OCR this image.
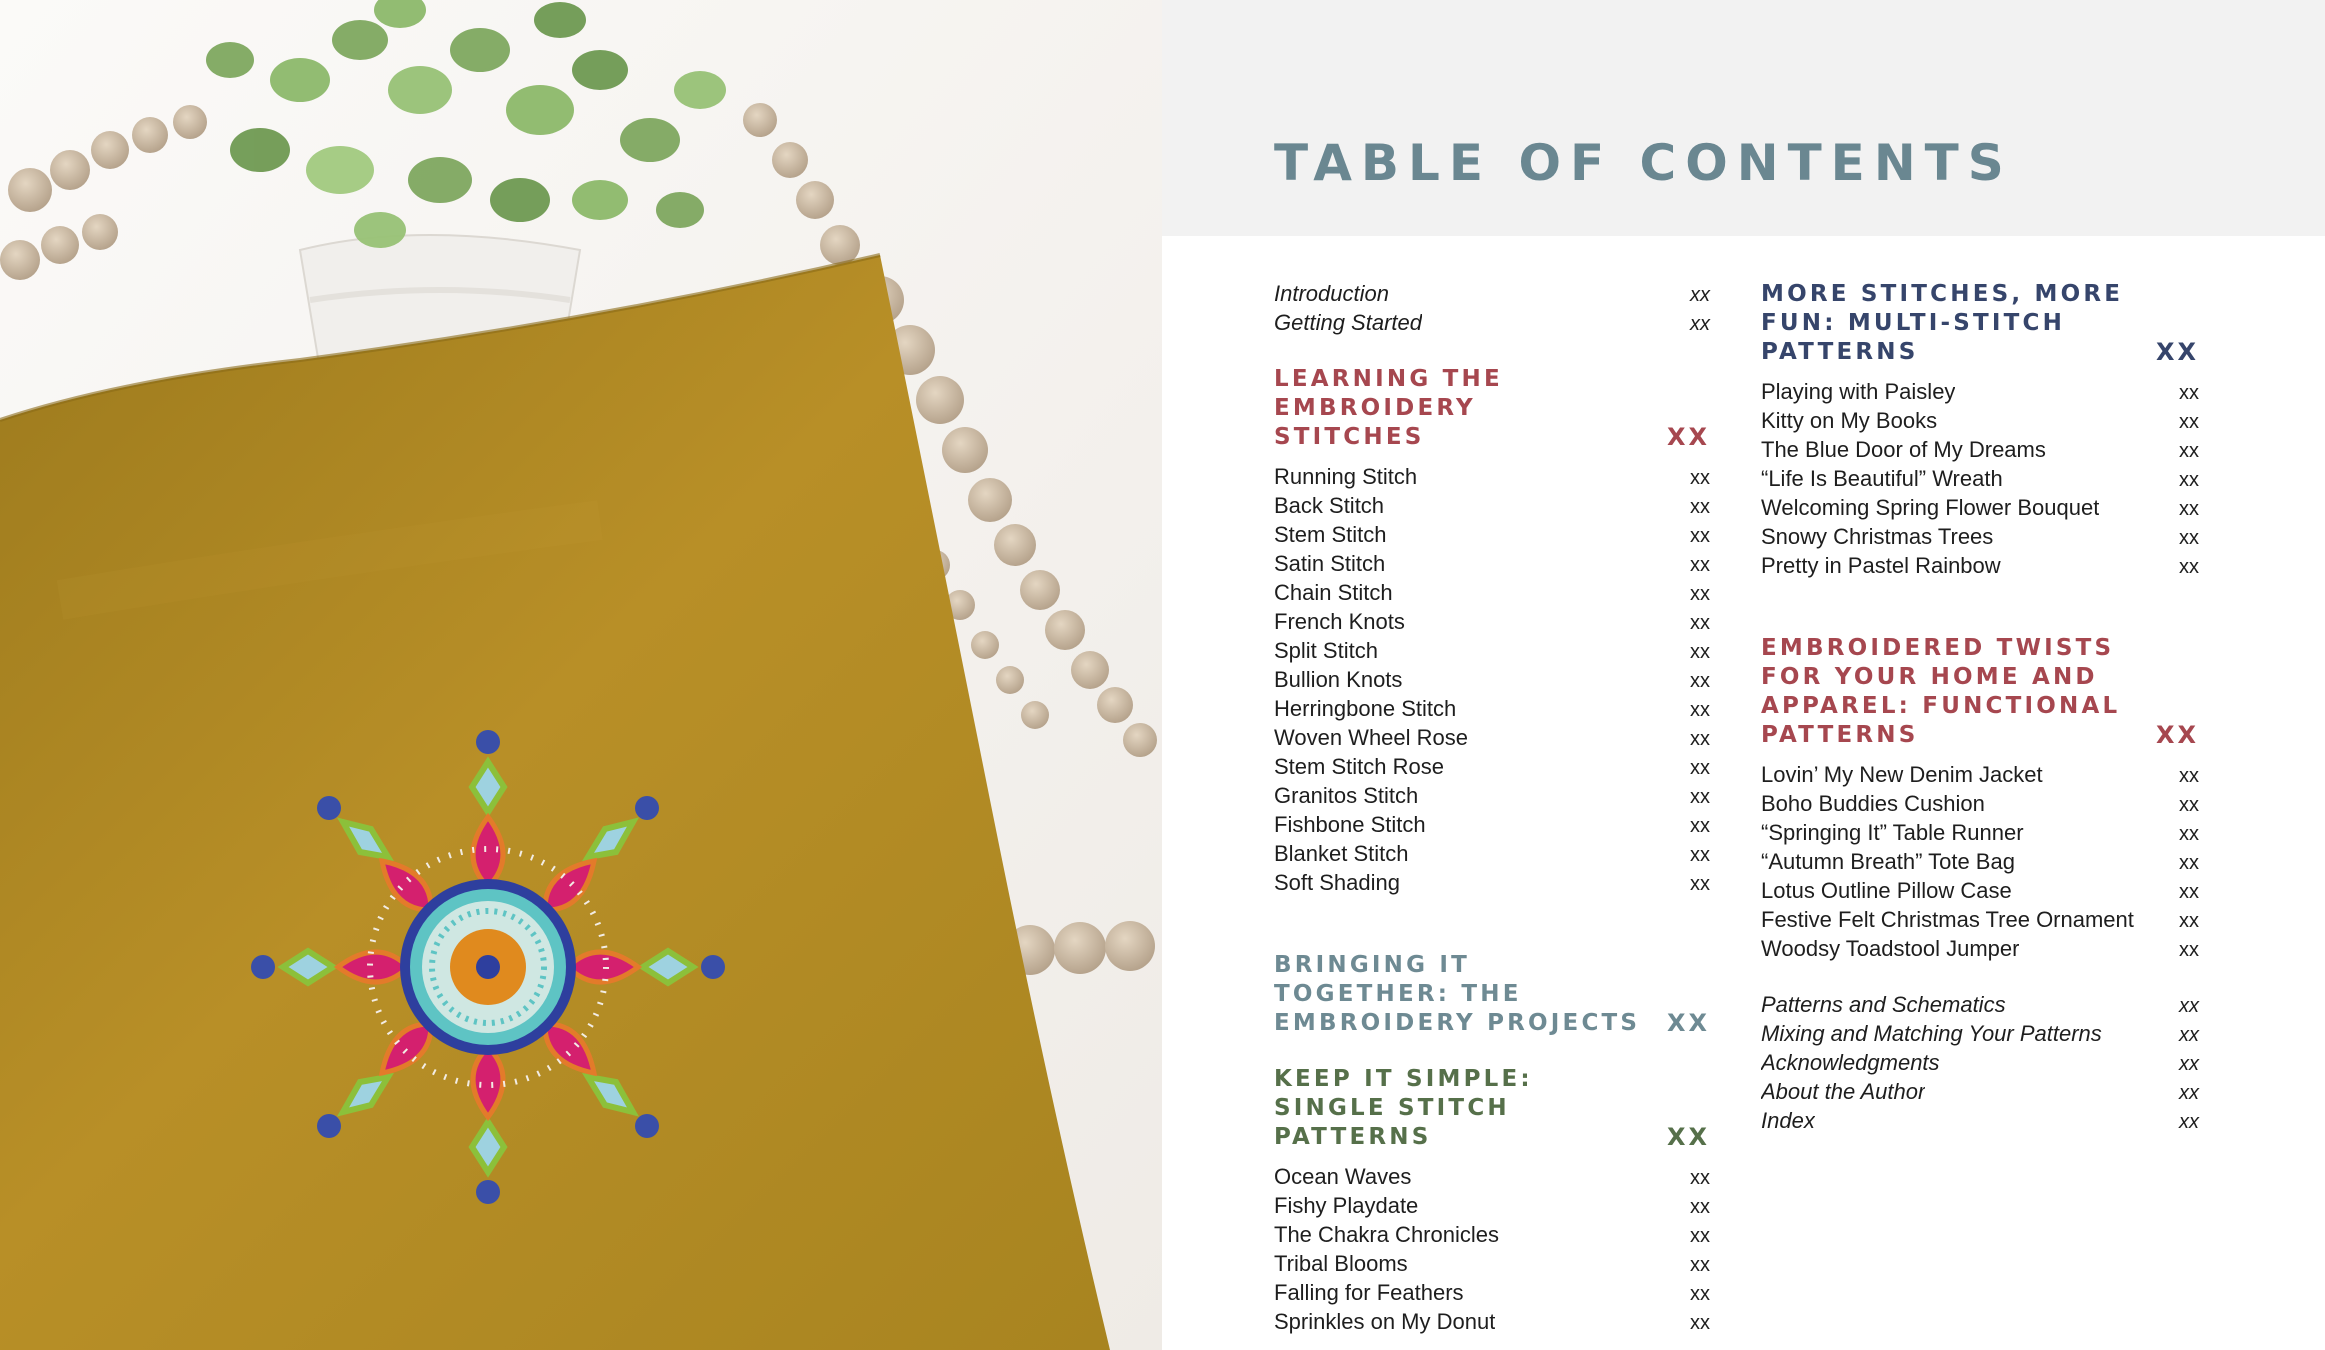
TABLE OF CONTENTS
Introduction	xx
Getting Started	xx
LEARNING THE EMBROIDERY STITCHES	XX
Running Stitch	xx
Back Stitch	xx
Stem Stitch	xx
Satin Stitch	xx
Chain Stitch	xx
French Knots	xx
Split Stitch	xx
Bullion Knots	xx
Herringbone Stitch	xx
Woven Wheel Rose	xx
Stem Stitch Rose	xx
Granitos Stitch	xx
Fishbone Stitch	xx
Blanket Stitch	xx
Soft Shading	xx
BRINGING IT TOGETHER: THE EMBROIDERY PROJECTS	XX
KEEP IT SIMPLE: SINGLE STITCH PATTERNS	XX
Ocean Waves	xx
Fishy Playdate	xx
The Chakra Chronicles	xx
Tribal Blooms	xx
Falling for Feathers	xx
Sprinkles on My Donut	xx
MORE STITCHES, MORE FUN: MULTI-STITCH PATTERNS	XX
Playing with Paisley	xx
Kitty on My Books	xx
The Blue Door of My Dreams	xx
“Life Is Beautiful” Wreath	xx
Welcoming Spring Flower Bouquet	xx
Snowy Christmas Trees	xx
Pretty in Pastel Rainbow	xx
EMBROIDERED TWISTS FOR YOUR HOME AND APPAREL: FUNCTIONAL PATTERNS	XX
Lovin’ My New Denim Jacket	xx
Boho Buddies Cushion	xx
“Springing It” Table Runner	xx
“Autumn Breath” Tote Bag	xx
Lotus Outline Pillow Case	xx
Festive Felt Christmas Tree Ornament	xx
Woodsy Toadstool Jumper	xx
Patterns and Schematics	xx
Mixing and Matching Your Patterns	xx
Acknowledgments	xx
About the Author	xx
Index	xx
